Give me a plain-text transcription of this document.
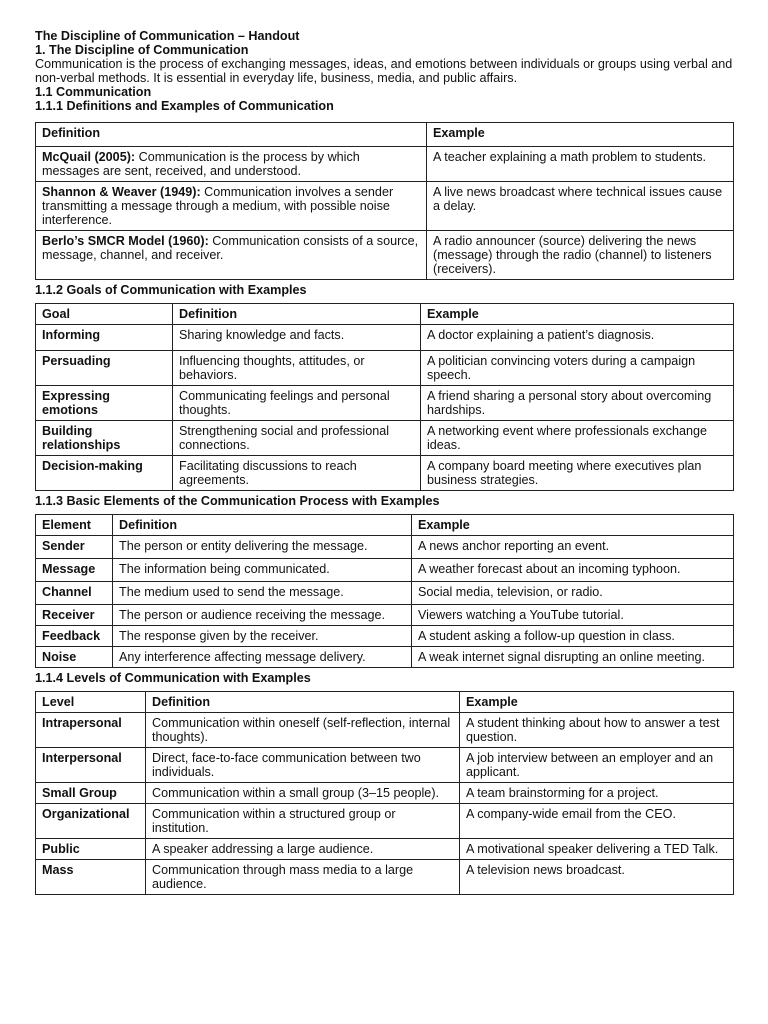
The Discipline of Communication – Handout
1. The Discipline of Communication

Communication is the process of exchanging messages, ideas, and emotions between individuals or groups using verbal and non-verbal methods. It is essential in everyday life, business, media, and public affairs.

1.1 Communication
1.1.1 Definitions and Examples of Communication
Definition	Example
McQuail (2005): Communication is the process by which messages are sent, received, and understood.	A teacher explaining a math problem to students.
Shannon & Weaver (1949): Communication involves a sender transmitting a message through a medium, with possible noise interference.	A live news broadcast where technical issues cause a delay.
Berlo’s SMCR Model (1960): Communication consists of a source, message, channel, and receiver.	A radio announcer (source) delivering the news (message) through the radio (channel) to listeners (receivers).
1.1.2 Goals of Communication with Examples
Goal	Definition	Example
Informing	Sharing knowledge and facts.	A doctor explaining a patient’s diagnosis.
Persuading	Influencing thoughts, attitudes, or behaviors.	A politician convincing voters during a campaign speech.
Expressing emotions	Communicating feelings and personal thoughts.	A friend sharing a personal story about overcoming hardships.
Building relationships	Strengthening social and professional connections.	A networking event where professionals exchange ideas.
Decision-making	Facilitating discussions to reach agreements.	A company board meeting where executives plan business strategies.
1.1.3 Basic Elements of the Communication Process with Examples
Element	Definition	Example
Sender	The person or entity delivering the message.	A news anchor reporting an event.
Message	The information being communicated.	A weather forecast about an incoming typhoon.
Channel	The medium used to send the message.	Social media, television, or radio.
Receiver	The person or audience receiving the message.	Viewers watching a YouTube tutorial.
Feedback	The response given by the receiver.	A student asking a follow-up question in class.
Noise	Any interference affecting message delivery.	A weak internet signal disrupting an online meeting.
1.1.4 Levels of Communication with Examples
Level	Definition	Example
Intrapersonal	Communication within oneself (self-reflection, internal thoughts).	A student thinking about how to answer a test question.
Interpersonal	Direct, face-to-face communication between two individuals.	A job interview between an employer and an applicant.
Small Group	Communication within a small group (3–15 people).	A team brainstorming for a project.
Organizational	Communication within a structured group or institution.	A company-wide email from the CEO.
Public	A speaker addressing a large audience.	A motivational speaker delivering a TED Talk.
Mass	Communication through mass media to a large audience.	A television news broadcast.
